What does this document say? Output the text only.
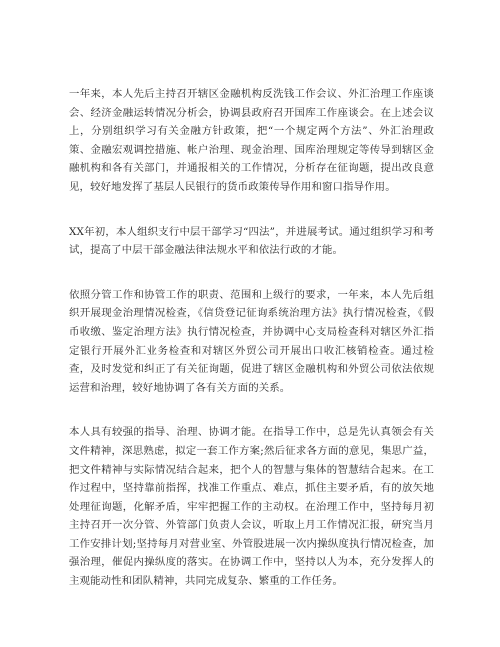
一年来，本人先后主持召开辖区金融机构反洗钱工作会议、外汇治理工作座谈会、经济金融运转情况分析会，协调县政府召开国库工作座谈会。在上述会议上，分别组织学习有关金融方针政策，把“一个规定两个方法”、外汇治理政策、金融宏观调控措施、帐户治理、现金治理、国库治理规定等传导到辖区金融机构和各有关部门，并通报相关的工作情况，分析存在征询题，提出改良意见，较好地发挥了基层人民银行的货币政策传导作用和窗口指导作用。

XX年初，本人组织支行中层干部学习“四法”，并进展考试。通过组织学习和考试，提高了中层干部金融法律法规水平和依法行政的才能。

依照分管工作和协管工作的职责、范围和上级行的要求，一年来，本人先后组织开展现金治理情况检查，《信贷登记征询系统治理方法》执行情况检查，《假币收缴、鉴定治理方法》执行情况检查，并协调中心支局检查科对辖区外汇指定银行开展外汇业务检查和对辖区外贸公司开展出口收汇核销检查。通过检查，及时发觉和纠正了有关征询题，促进了辖区金融机构和外贸公司依法依规运营和治理，较好地协调了各有关方面的关系。

本人具有较强的指导、治理、协调才能。在指导工作中，总是先认真领会有关文件精神，深思熟虑，拟定一套工作方案;然后征求各方面的意见，集思广益，把文件精神与实际情况结合起来，把个人的智慧与集体的智慧结合起来。在工作过程中，坚持靠前指挥，找准工作重点、难点，抓住主要矛盾，有的放矢地处理征询题，化解矛盾，牢牢把握工作的主动权。在治理工作中，坚持每月初主持召开一次分管、外管部门负责人会议，听取上月工作情况汇报，研究当月工作安排计划;坚持每月对营业室、外管股进展一次内操纵度执行情况检查，加强治理，催促内操纵度的落实。在协调工作中，坚持以人为本，充分发挥人的主观能动性和团队精神，共同完成复杂、繁重的工作任务。
